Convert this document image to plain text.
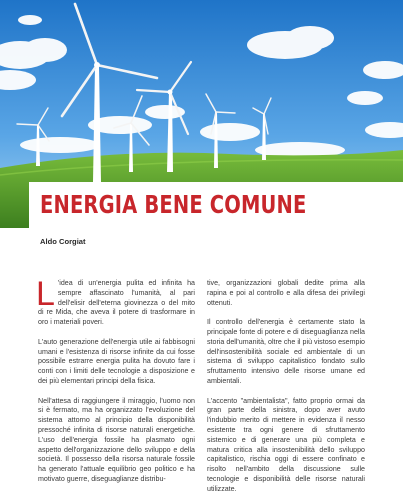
ENERGIA BENE COMUNE
Aldo Corgiat

L 'idea di un'energia pulita ed infinita ha sempre affascinato l'umanità, al pari dell'elisir dell'eterna giovinezza o del mito di re Mida, che aveva il potere di trasformare in oro i materiali poveri.

L'auto generazione dell'energia utile ai fabbisogni umani e l'esistenza di risorse infinite da cui fosse possibile estrarre energia pulita ha dovuto fare i conti con i limiti delle tecnologie a disposizione e dei più elementari principi della fisica.

Nell'attesa di raggiungere il miraggio, l'uomo non si è fermato, ma ha organizzato l'evoluzione del sistema attorno al principio della disponibilità pressoché infinita di risorse naturali energetiche. L'uso dell'energia fossile ha plasmato ogni aspetto dell'organizzazione dello sviluppo e della società. Il possesso della risorsa naturale fossile ha generato l'attuale equilibrio geo politico e ha motivato guerre, diseguaglianze distribu-

tive, organizzazioni globali dedite prima alla rapina e poi al controllo e alla difesa dei privilegi ottenuti.

Il controllo dell'energia è certamente stato la principale fonte di potere e di diseguaglianza nella storia dell'umanità, oltre che il più vistoso esempio dell'insostenibilità sociale ed ambientale di un sistema di sviluppo capitalistico fondato sullo sfruttamento intensivo delle risorse umane ed ambientali.

L'accento "ambientalista", fatto proprio ormai da gran parte della sinistra, dopo aver avuto l'indubbio merito di mettere in evidenza il nesso esistente tra ogni genere di sfruttamento sistemico e di generare una più completa e matura critica alla insostenibilità dello sviluppo capitalistico, rischia oggi di essere confinato e risolto nell'ambito della discussione sulle tecnologie e disponibilità delle risorse naturali utilizzate.
